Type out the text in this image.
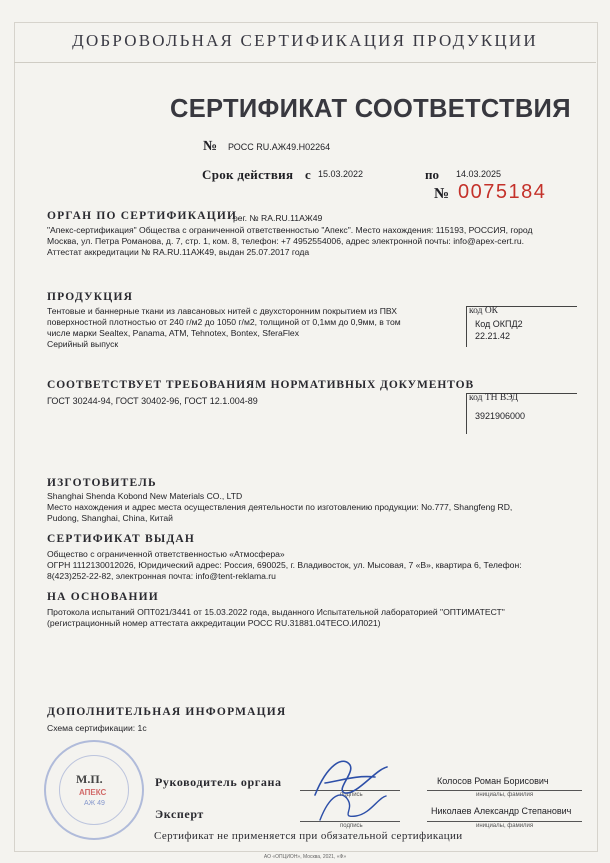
ДОБРОВОЛЬНАЯ СЕРТИФИКАЦИЯ ПРОДУКЦИИ
СЕРТИФИКАТ СООТВЕТСТВИЯ
№ РОСС RU.АЖ49.Н02264
Срок действия с 15.03.2022	по 14.03.2025
№ 0075184
ОРГАН ПО СЕРТИФИКАЦИИ
рег. № RA.RU.11АЖ49
"Апекс-сертификация" Общества с ограниченной ответственностью "Апекс". Место нахождения: 115193, РОССИЯ, город
Москва, ул. Петра Романова, д. 7, стр. 1, ком. 8, телефон: +7 4952554006, адрес электронной почты: info@apex-cert.ru.
Аттестат аккредитации № RA.RU.11АЖ49, выдан 25.07.2017 года
ПРОДУКЦИЯ
Тентовые и баннерные ткани из лавсановых нитей с двухсторонним покрытием из ПВХ
поверхностной плотностью от 240 г/м2 до 1050 г/м2, толщиной от 0,1мм до 0,9мм, в том
числе марки Sealtex, Panama, ATM, Tehnotex, Bontex, SferaFlex
Серийный выпуск
код ОК
Код ОКПД2
22.21.42
СООТВЕТСТВУЕТ ТРЕБОВАНИЯМ НОРМАТИВНЫХ ДОКУМЕНТОВ
ГОСТ 30244-94, ГОСТ 30402-96, ГОСТ 12.1.004-89	код ТН ВЭД
3921906000
ИЗГОТОВИТЕЛЬ
Shanghai Shenda Kobond New Materials CO., LTD
Место нахождения и адрес места осуществления деятельности по изготовлению продукции: No.777, Shangfeng RD,
Pudong, Shanghai, China, Китай
СЕРТИФИКАТ ВЫДАН
Общество с ограниченной ответственностью «Атмосфера»
ОГРН 1112130012026, Юридический адрес: Россия, 690025, г. Владивосток, ул. Мысовая, 7 «В», квартира 6, Телефон:
8(423)252-22-82, электронная почта: info@tent-reklama.ru
НА ОСНОВАНИИ
Протокола испытаний ОПТ021/3441 от 15.03.2022 года, выданного Испытательной лабораторией "ОПТИМАТЕСТ"
(регистрационный номер аттестата аккредитации РОСС RU.31881.04ТЕСО.ИЛ021)
ДОПОЛНИТЕЛЬНАЯ ИНФОРМАЦИЯ
Схема сертификации: 1с
М.П.
АПЕКС
АЖ 49
Руководитель органа
подпись
Колосов Роман Борисович
инициалы, фамилия
Эксперт
подпись
Николаев Александр Степанович
инициалы, фамилия
Сертификат не применяется при обязательной сертификации
АО «ОПЦИОН», Москва, 2021, «Ф»
